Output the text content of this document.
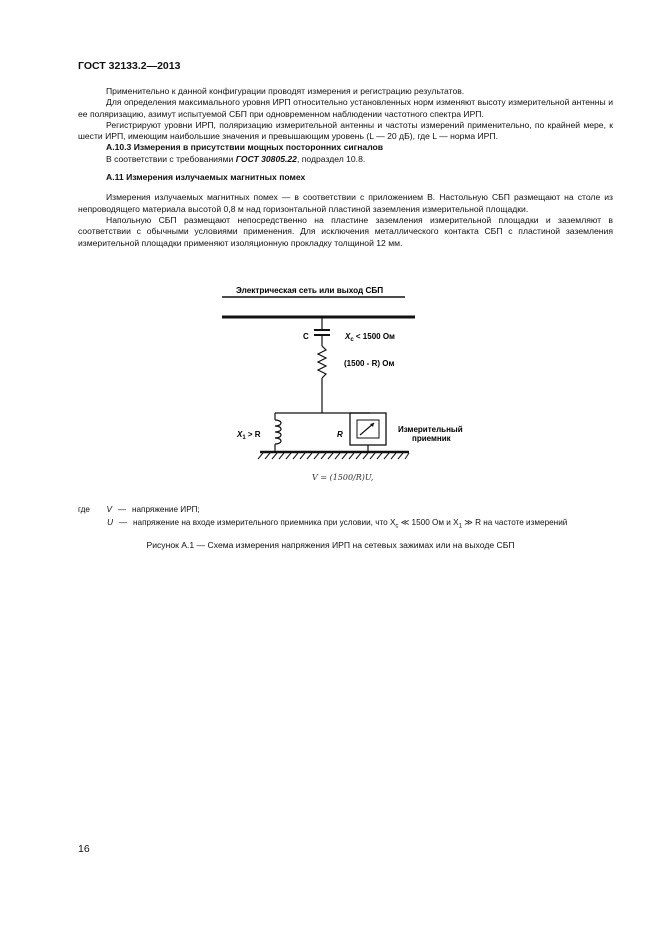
ГОСТ 32133.2—2013

Применительно к данной конфигурации проводят измерения и регистрацию результатов.

Для определения максимального уровня ИРП относительно установленных норм изменяют высоту измерительной антенны и ее поляризацию, азимут испытуемой СБП при одновременном наблюдении частотного спектра ИРП.

Регистрируют уровни ИРП, поляризацию измерительной антенны и частоты измерений применительно, по крайней мере, к шести ИРП, имеющим наибольшие значения и превышающим уровень (L — 20 дБ), где L — норма ИРП.

А.10.3 Измерения в присутствии мощных посторонних сигналов

В соответствии с требованиями ГОСТ 30805.22, подраздел 10.8.

А.11 Измерения излучаемых магнитных помех

Измерения излучаемых магнитных помех — в соответствии с приложением В. Настольную СБП размещают на столе из непроводящего материала высотой 0,8 м над горизонтальной пластиной заземления измерительной площадки.

Напольную СБП размещают непосредственно на пластине заземления измерительной площадки и заземляют в соответствии с обычными условиями применения. Для исключения металлического контакта СБП с пластиной заземления измерительной площадки применяют изоляционную прокладку толщиной 12 мм.

Электрическая сеть или выход СБП
C	$X_c < 1500$ Ом
(1500 - R) Ом
$X_1 > R$	R
Измерительный
приемник
V = (1500/R)U,
где V — напряжение ИРП;
U — напряжение на входе измерительного приемника при условии, что $X_c$ ≪ 1500 Ом и $X_1$ ≫ R на частоте измерений
Рисунок А.1 — Схема измерения напряжения ИРП на сетевых зажимах или на выходе СБП
16
